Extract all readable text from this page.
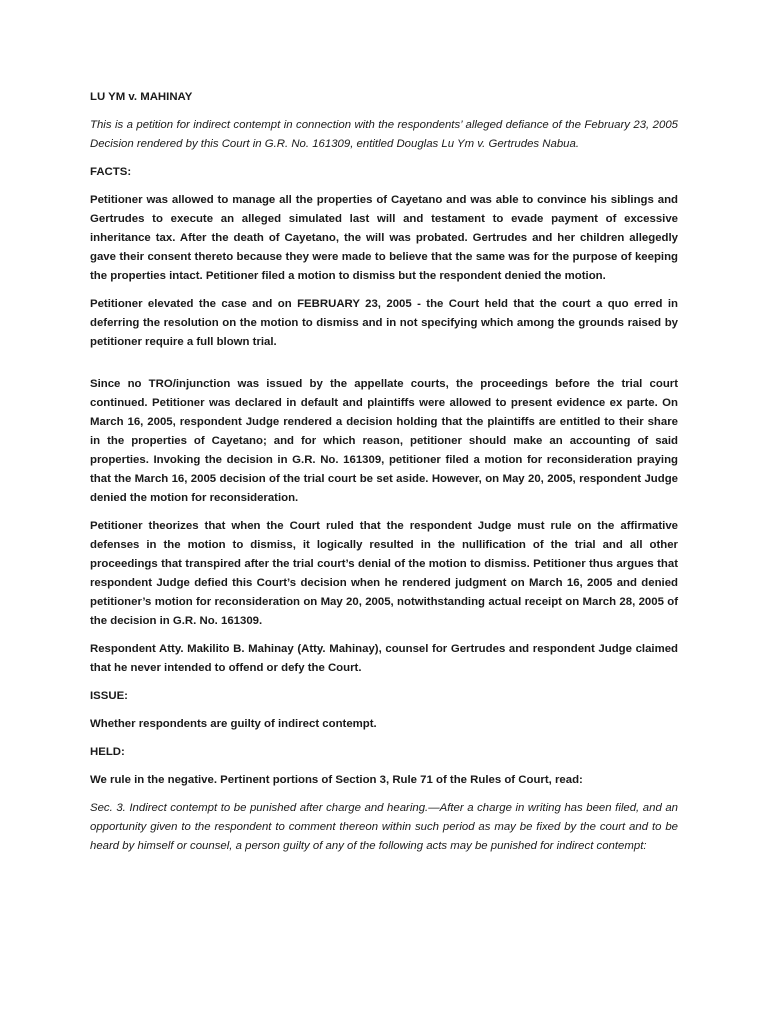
LU YM v. MAHINAY

This is a petition for indirect contempt in connection with the respondents’ alleged defiance of the February 23, 2005 Decision rendered by this Court in G.R. No. 161309, entitled Douglas Lu Ym v. Gertrudes Nabua.

FACTS:

Petitioner was allowed to manage all the properties of Cayetano and was able to convince his siblings and Gertrudes to execute an alleged simulated last will and testament to evade payment of excessive inheritance tax. After the death of Cayetano, the will was probated. Gertrudes and her children allegedly gave their consent thereto because they were made to believe that the same was for the purpose of keeping the properties intact. Petitioner filed a motion to dismiss but the respondent denied the motion.

Petitioner elevated the case and on FEBRUARY 23, 2005 - the Court held that the court a quo erred in deferring the resolution on the motion to dismiss and in not specifying which among the grounds raised by petitioner require a full blown trial.

Since no TRO/injunction was issued by the appellate courts, the proceedings before the trial court continued. Petitioner was declared in default and plaintiffs were allowed to present evidence ex parte. On March 16, 2005, respondent Judge rendered a decision holding that the plaintiffs are entitled to their share in the properties of Cayetano; and for which reason, petitioner should make an accounting of said properties. Invoking the decision in G.R. No. 161309, petitioner filed a motion for reconsideration praying that the March 16, 2005 decision of the trial court be set aside. However, on May 20, 2005, respondent Judge denied the motion for reconsideration.

Petitioner theorizes that when the Court ruled that the respondent Judge must rule on the affirmative defenses in the motion to dismiss, it logically resulted in the nullification of the trial and all other proceedings that transpired after the trial court’s denial of the motion to dismiss. Petitioner thus argues that respondent Judge defied this Court’s decision when he rendered judgment on March 16, 2005 and denied petitioner’s motion for reconsideration on May 20, 2005, notwithstanding actual receipt on March 28, 2005 of the decision in G.R. No. 161309.

Respondent Atty. Makilito B. Mahinay (Atty. Mahinay), counsel for Gertrudes and respondent Judge claimed that he never intended to offend or defy the Court.

ISSUE:

Whether respondents are guilty of indirect contempt.

HELD:

We rule in the negative. Pertinent portions of Section 3, Rule 71 of the Rules of Court, read:

Sec. 3. Indirect contempt to be punished after charge and hearing.—After a charge in writing has been filed, and an opportunity given to the respondent to comment thereon within such period as may be fixed by the court and to be heard by himself or counsel, a person guilty of any of the following acts may be punished for indirect contempt:
